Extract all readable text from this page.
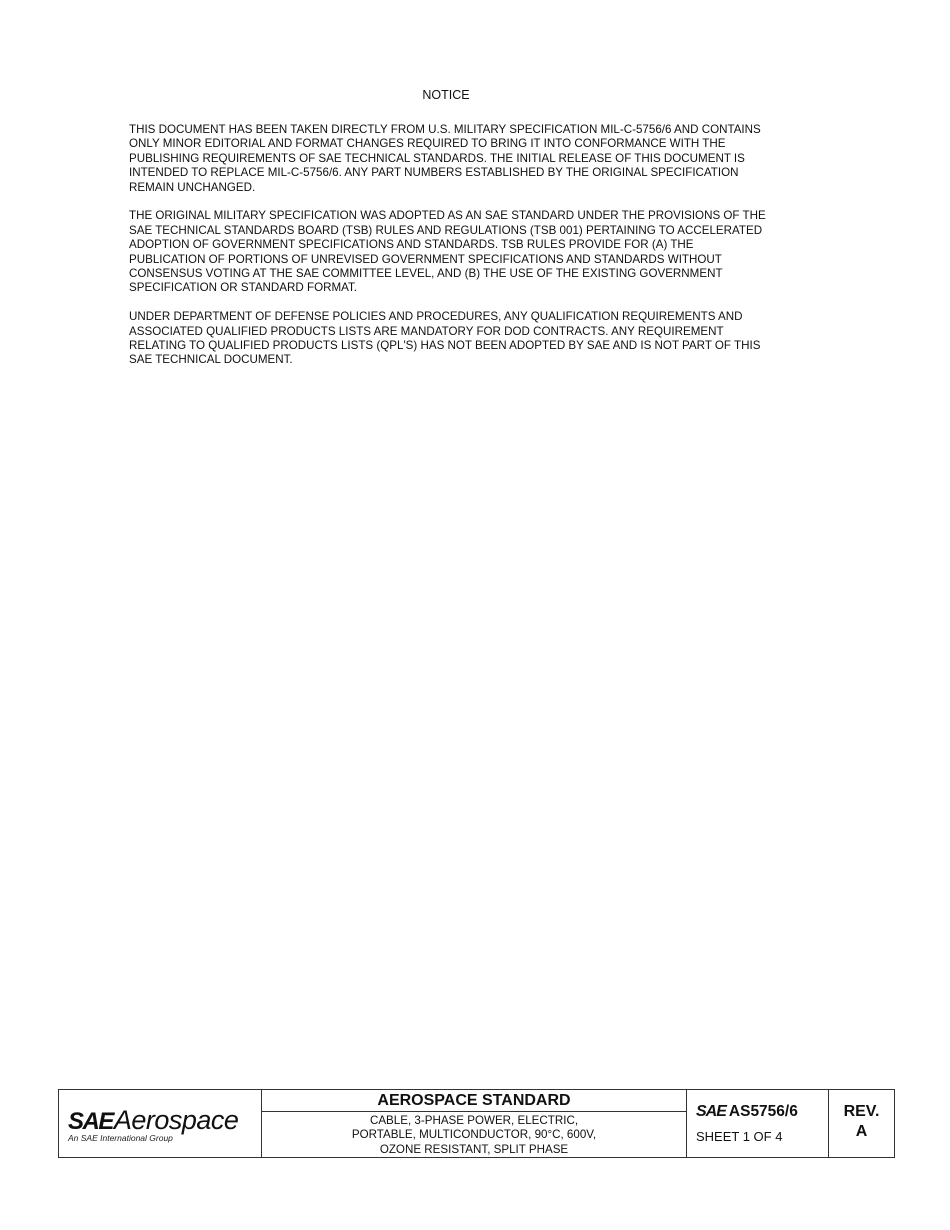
NOTICE

THIS DOCUMENT HAS BEEN TAKEN DIRECTLY FROM U.S. MILITARY SPECIFICATION MIL-C-5756/6 AND CONTAINS
ONLY MINOR EDITORIAL AND FORMAT CHANGES REQUIRED TO BRING IT INTO CONFORMANCE WITH THE
PUBLISHING REQUIREMENTS OF SAE TECHNICAL STANDARDS. THE INITIAL RELEASE OF THIS DOCUMENT IS
INTENDED TO REPLACE MIL-C-5756/6. ANY PART NUMBERS ESTABLISHED BY THE ORIGINAL SPECIFICATION
REMAIN UNCHANGED.

THE ORIGINAL MILITARY SPECIFICATION WAS ADOPTED AS AN SAE STANDARD UNDER THE PROVISIONS OF THE
SAE TECHNICAL STANDARDS BOARD (TSB) RULES AND REGULATIONS (TSB 001) PERTAINING TO ACCELERATED
ADOPTION OF GOVERNMENT SPECIFICATIONS AND STANDARDS. TSB RULES PROVIDE FOR (A) THE
PUBLICATION OF PORTIONS OF UNREVISED GOVERNMENT SPECIFICATIONS AND STANDARDS WITHOUT
CONSENSUS VOTING AT THE SAE COMMITTEE LEVEL, AND (B) THE USE OF THE EXISTING GOVERNMENT
SPECIFICATION OR STANDARD FORMAT.

UNDER DEPARTMENT OF DEFENSE POLICIES AND PROCEDURES, ANY QUALIFICATION REQUIREMENTS AND
ASSOCIATED QUALIFIED PRODUCTS LISTS ARE MANDATORY FOR DOD CONTRACTS. ANY REQUIREMENT
RELATING TO QUALIFIED PRODUCTS LISTS (QPL'S) HAS NOT BEEN ADOPTED BY SAE AND IS NOT PART OF THIS
SAE TECHNICAL DOCUMENT.

SAE Aerospace
An SAE International Group
AEROSPACE STANDARD
CABLE, 3-PHASE POWER, ELECTRIC,
PORTABLE, MULTICONDUCTOR, 90°C, 600V,
OZONE RESISTANT, SPLIT PHASE
SAE AS5756/6
SHEET 1 OF 4
REV.
A
